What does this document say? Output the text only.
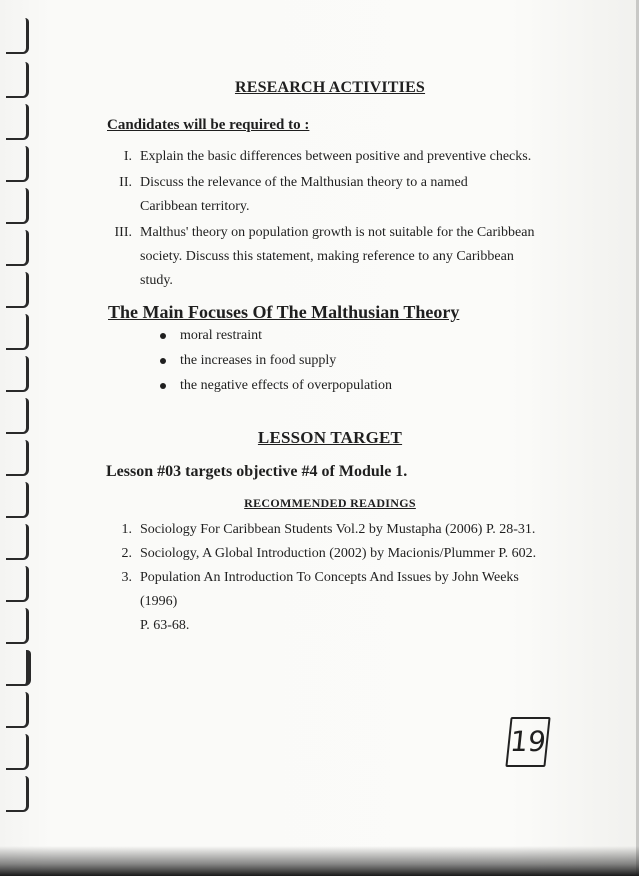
RESEARCH ACTIVITIES
Candidates will be required to :
I. Explain the basic differences between positive and preventive checks.
II. Discuss the relevance of the Malthusian theory to a named Caribbean territory.
III. Malthus' theory on population growth is not suitable for the Caribbean society. Discuss this statement, making reference to any Caribbean study.
The Main Focuses Of The Malthusian Theory
moral restraint
the increases in food supply
the negative effects of overpopulation
LESSON TARGET
Lesson #03 targets objective #4 of Module 1.
RECOMMENDED READINGS
1. Sociology For Caribbean Students Vol.2 by Mustapha (2006) P. 28-31.
2. Sociology, A Global Introduction (2002) by Macionis/Plummer P. 602.
3. Population An Introduction To Concepts And Issues by John Weeks (1996)
P. 63-68.
19
